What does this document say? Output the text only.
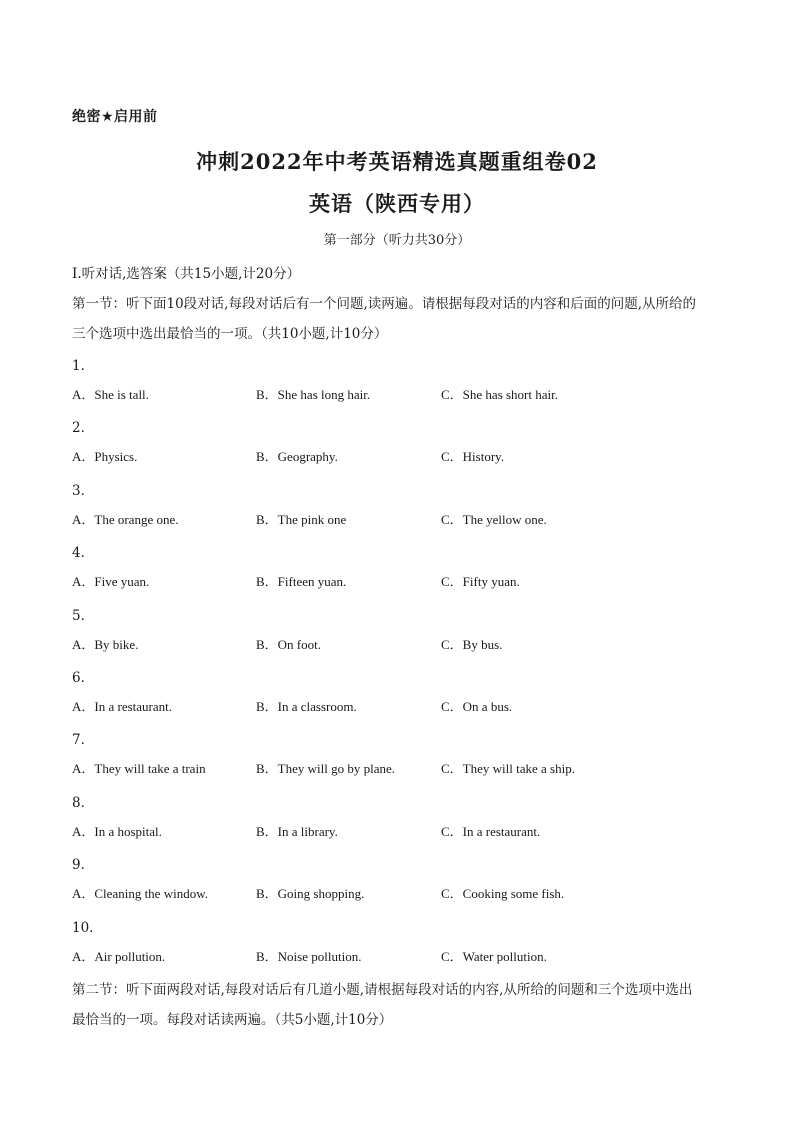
绝密★启用前
冲刺2022年中考英语精选真题重组卷02
英语（陕西专用）
第一部分（听力共30分）
Ⅰ.听对话,选答案（共15小题,计20分）
第一节：听下面10段对话,每段对话后有一个问题,读两遍。请根据每段对话的内容和后面的问题,从所给的
三个选项中选出最恰当的一项。（共10小题,计10分）
1．
A．She is tall.	B．She has long hair.	C．She has short hair.
2．
A．Physics.	B．Geography.	C．History.
3．
A．The orange one.	B．The pink one	C．The yellow one.
4．
A．Five yuan.	B．Fifteen yuan.	C．Fifty yuan.
5．
A．By bike.	B．On foot.	C．By bus.
6．
A．In a restaurant.	B．In a classroom.	C．On a bus.
7．
A．They will take a train	B．They will go by plane.	C．They will take a ship.
8．
A．In a hospital.	B．In a library.	C．In a restaurant.
9．
A．Cleaning the window.	B．Going shopping.	C．Cooking some fish.
10．
A．Air pollution.	B．Noise pollution.	C．Water pollution.
第二节：听下面两段对话,每段对话后有几道小题,请根据每段对话的内容,从所给的问题和三个选项中选出
最恰当的一项。每段对话读两遍。（共5小题,计10分）
